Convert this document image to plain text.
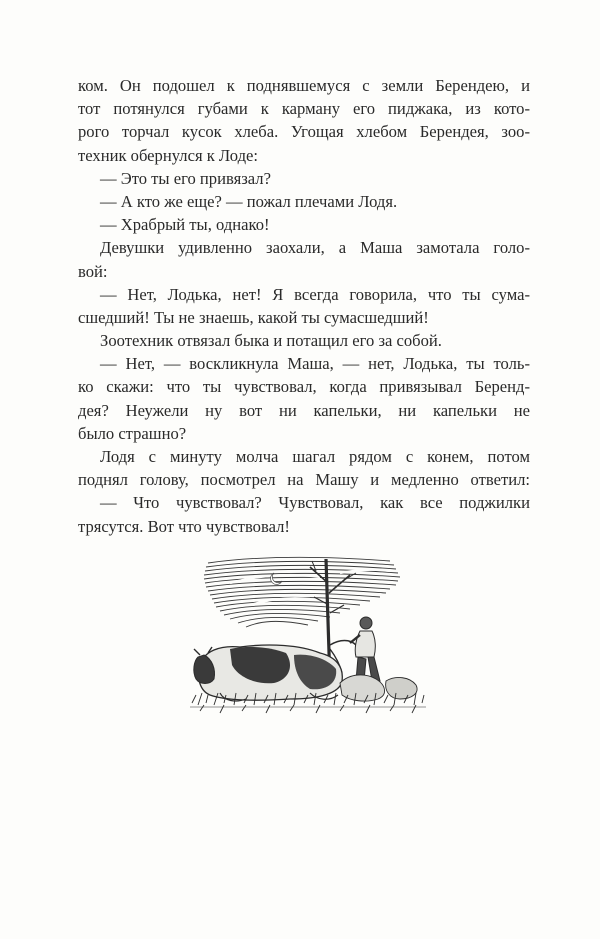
ком. Он подошел к поднявшемуся с земли Берендею, и
тот потянулся губами к карману его пиджака, из кото-
рого торчал кусок хлеба. Угощая хлебом Берендея, зоо-
техник обернулся к Лоде:
— Это ты его привязал?
— А кто же еще? — пожал плечами Лодя.
— Храбрый ты, однако!
Девушки удивленно заохали, а Маша замотала голо-
вой:
— Нет, Лодька, нет! Я всегда говорила, что ты сума-
сшедший! Ты не знаешь, какой ты сумасшедший!
Зоотехник отвязал быка и потащил его за собой.
— Нет, — воскликнула Маша, — нет, Лодька, ты толь-
ко скажи: что ты чувствовал, когда привязывал Беренд-
дея? Неужели ну вот ни капельки, ни капельки не
было страшно?
Лодя с минуту молча шагал рядом с конем, потом
поднял голову, посмотрел на Машу и медленно ответил:
— Что чувствовал? Чувствовал, как все поджилки
трясутся. Вот что чувствовал!
